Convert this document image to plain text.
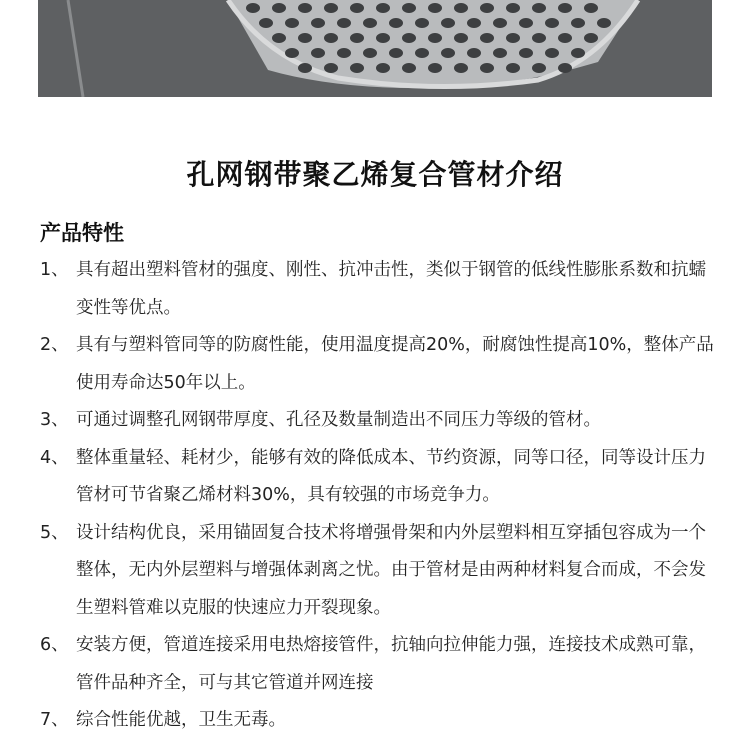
孔网钢带聚乙烯复合管材介绍
产品特性
1、 具有超出塑料管材的强度、刚性、抗冲击性，类似于钢管的低线性膨胀系数和抗蠕变性等优点。
2、 具有与塑料管同等的防腐性能，使用温度提高20%，耐腐蚀性提高10%，整体产品使用寿命达50年以上。
3、 可通过调整孔网钢带厚度、孔径及数量制造出不同压力等级的管材。
4、 整体重量轻、耗材少，能够有效的降低成本、节约资源，同等口径，同等设计压力管材可节省聚乙烯材料30%，具有较强的市场竞争力。
5、 设计结构优良，采用锚固复合技术将增强骨架和内外层塑料相互穿插包容成为一个整体，无内外层塑料与增强体剥离之忧。由于管材是由两种材料复合而成，不会发生塑料管难以克服的快速应力开裂现象。
6、 安装方便，管道连接采用电热熔接管件，抗轴向拉伸能力强，连接技术成熟可靠，管件品种齐全，可与其它管道并网连接
7、 综合性能优越，卫生无毒。
